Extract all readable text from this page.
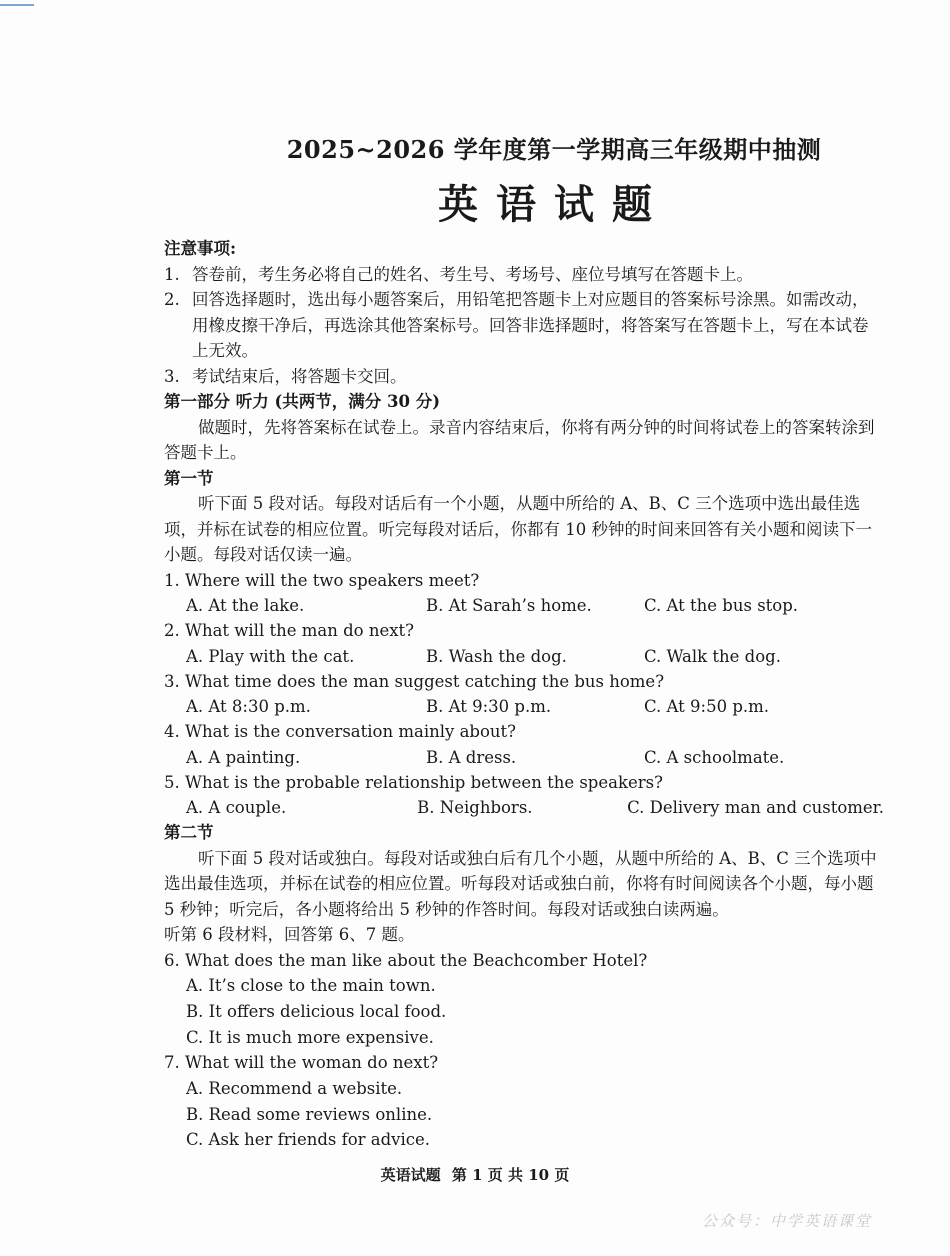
2025~2026 学年度第一学期高三年级期中抽测
英语试题
注意事项:
1. 答卷前，考生务必将自己的姓名、考生号、考场号、座位号填写在答题卡上。
2. 回答选择题时，选出每小题答案后，用铅笔把答题卡上对应题目的答案标号涂黑。如需改动，用橡皮擦干净后，再选涂其他答案标号。回答非选择题时，将答案写在答题卡上，写在本试卷上无效。
3. 考试结束后，将答题卡交回。
第一部分 听力 (共两节，满分 30 分)
做题时，先将答案标在试卷上。录音内容结束后，你将有两分钟的时间将试卷上的答案转涂到答题卡上。
第一节
听下面 5 段对话。每段对话后有一个小题，从题中所给的 A、B、C 三个选项中选出最佳选项，并标在试卷的相应位置。听完每段对话后，你都有 10 秒钟的时间来回答有关小题和阅读下一小题。每段对话仅读一遍。
1. Where will the two speakers meet?
A. At the lake.	B. At Sarah’s home.	C. At the bus stop.
2. What will the man do next?
A. Play with the cat.	B. Wash the dog.	C. Walk the dog.
3. What time does the man suggest catching the bus home?
A. At 8:30 p.m.	B. At 9:30 p.m.	C. At 9:50 p.m.
4. What is the conversation mainly about?
A. A painting.	B. A dress.	C. A schoolmate.
5. What is the probable relationship between the speakers?
A. A couple.	B. Neighbors.	C. Delivery man and customer.
第二节
听下面 5 段对话或独白。每段对话或独白后有几个小题，从题中所给的 A、B、C 三个选项中选出最佳选项，并标在试卷的相应位置。听每段对话或独白前，你将有时间阅读各个小题，每小题 5 秒钟；听完后，各小题将给出 5 秒钟的作答时间。每段对话或独白读两遍。
听第 6 段材料，回答第 6、7 题。
6. What does the man like about the Beachcomber Hotel?
A. It’s close to the main town.
B. It offers delicious local food.
C. It is much more expensive.
7. What will the woman do next?
A. Recommend a website.
B. Read some reviews online.
C. Ask her friends for advice.
英语试题 第 1 页 共 10 页
公众号：中学英语课堂
